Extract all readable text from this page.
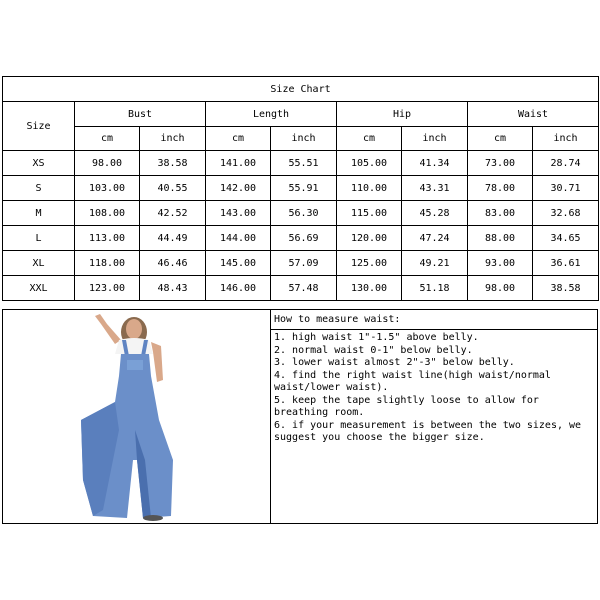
Size Chart								
Size	Bust		Length		Hip		Waist	
	cm	inch	cm	inch	cm	inch	cm	inch
XS	98.00	38.58	141.00	55.51	105.00	41.34	73.00	28.74
S	103.00	40.55	142.00	55.91	110.00	43.31	78.00	30.71
M	108.00	42.52	143.00	56.30	115.00	45.28	83.00	32.68
L	113.00	44.49	144.00	56.69	120.00	47.24	88.00	34.65
XL	118.00	46.46	145.00	57.09	125.00	49.21	93.00	36.61
XXL	123.00	48.43	146.00	57.48	130.00	51.18	98.00	38.58
How to measure waist:
1. high waist 1"-1.5" above belly.
2. normal waist 0-1" below belly.
3. lower waist almost 2"-3" below belly.
4. find the right waist line(high waist/normal waist/lower waist).
5. keep the tape slightly loose to allow for breathing room.
6. if your measurement is between the two sizes, we suggest you choose the bigger size.
